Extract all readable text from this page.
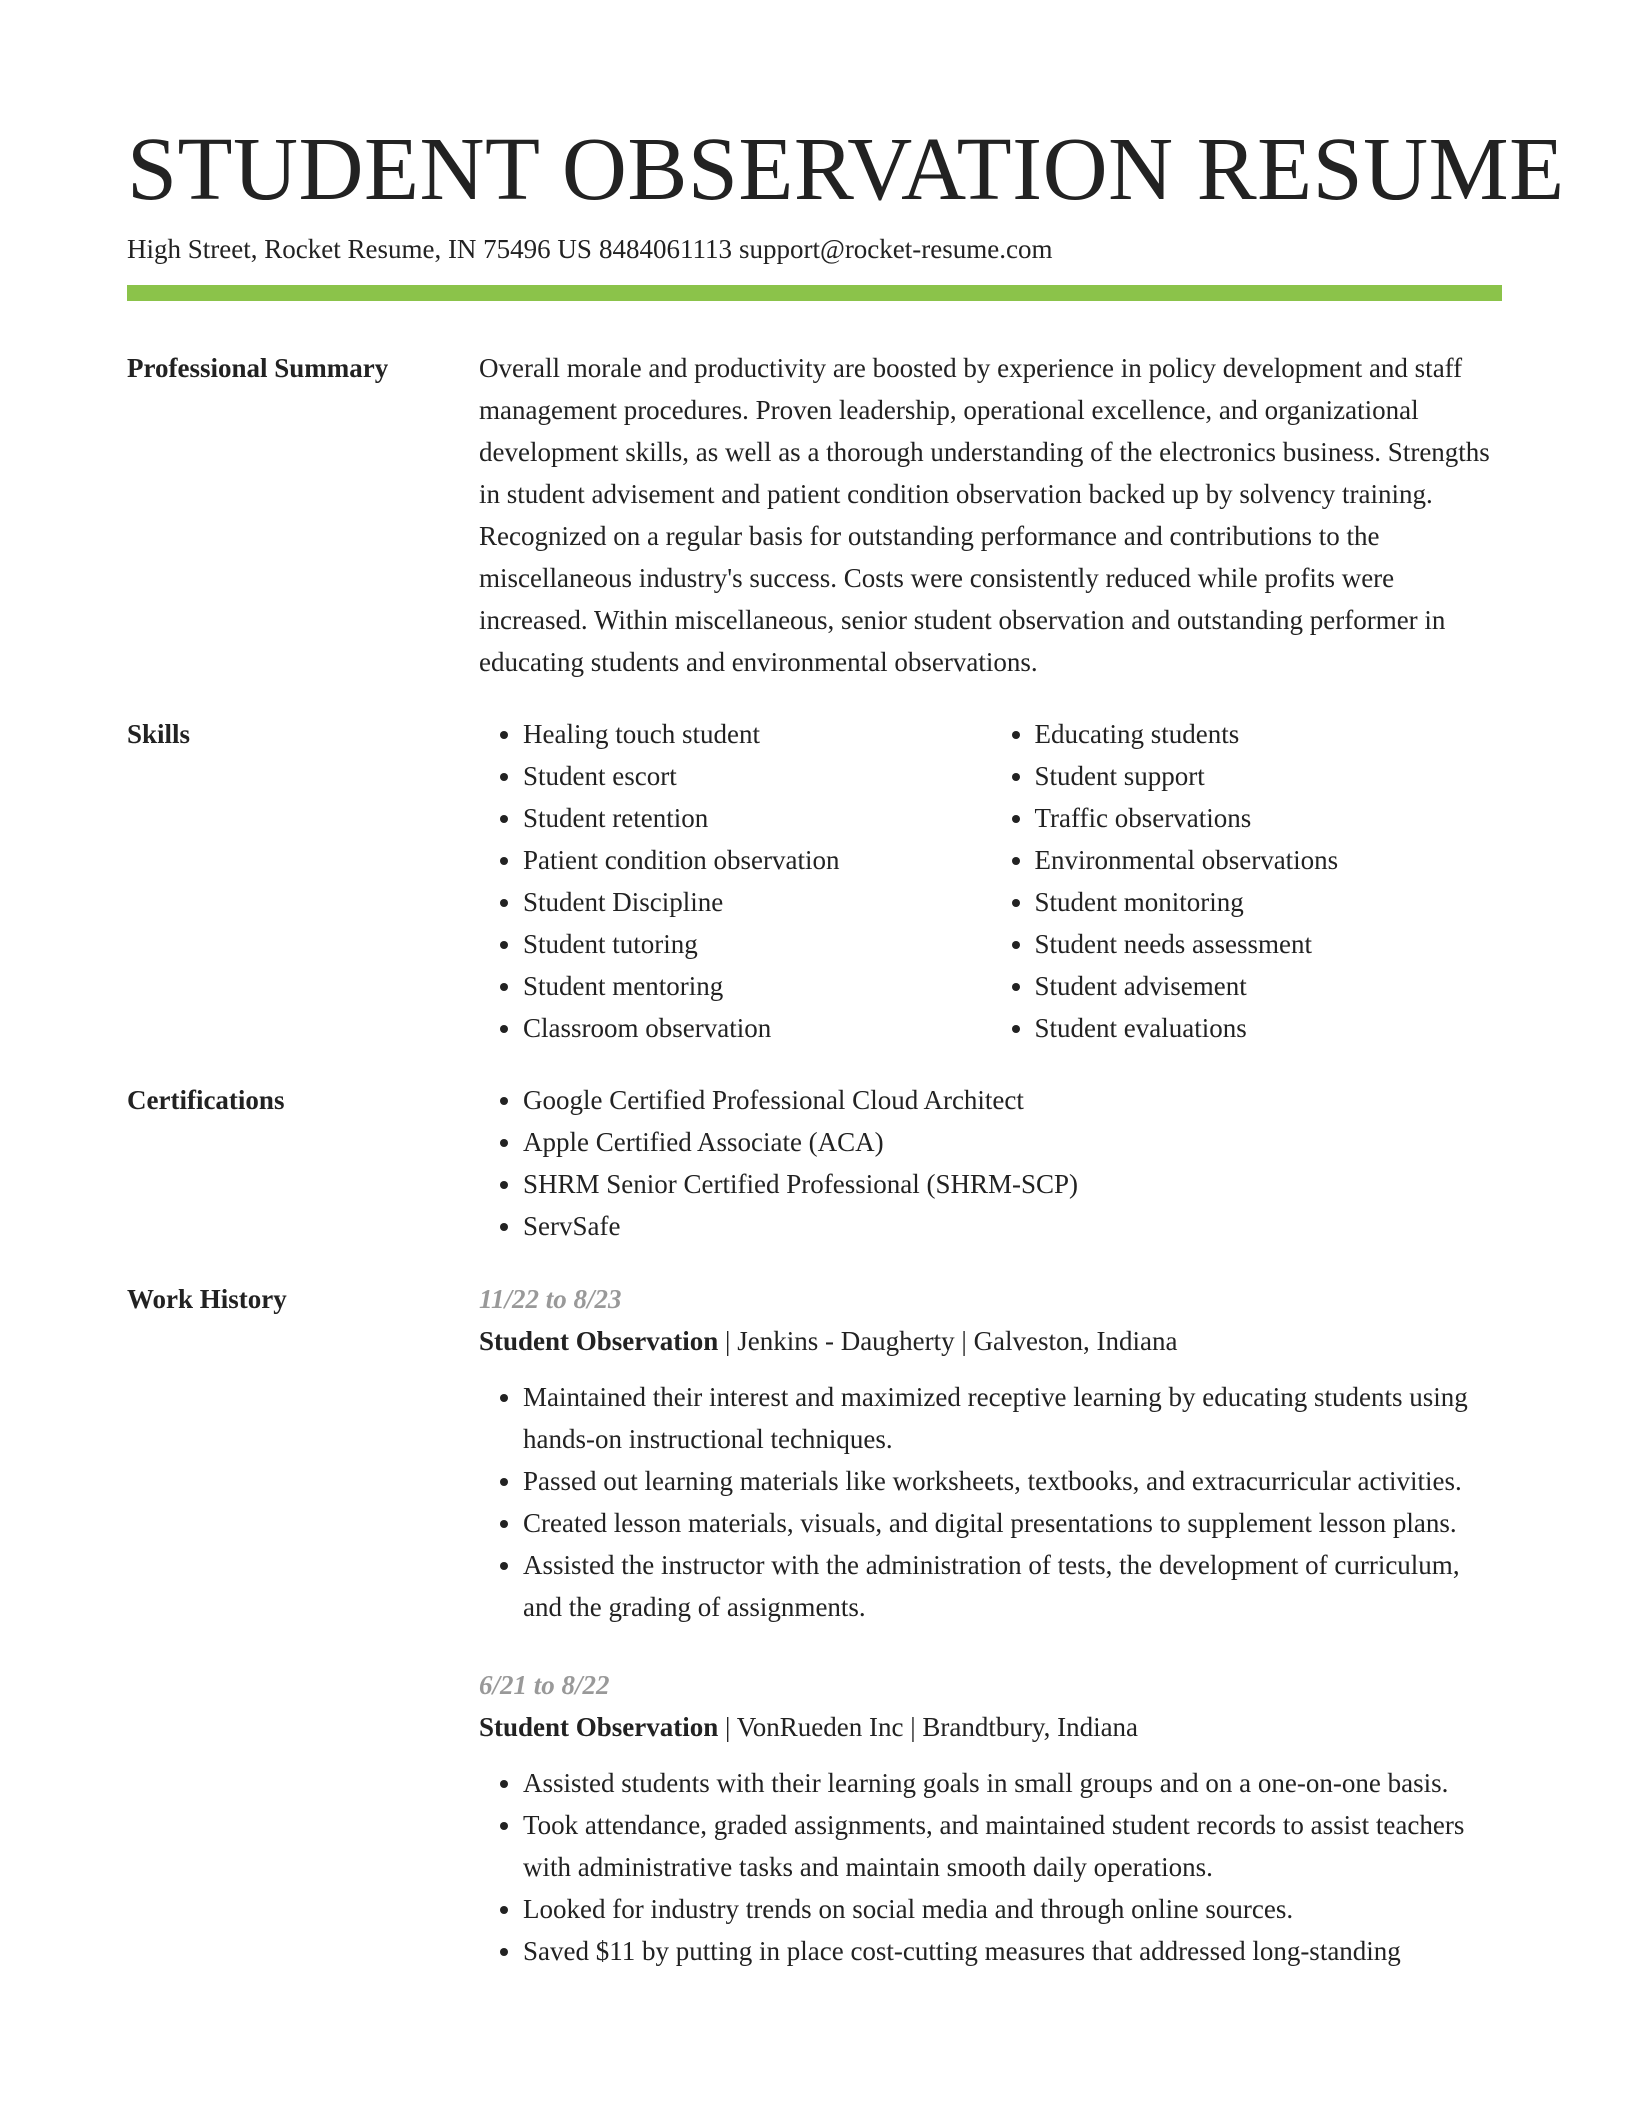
STUDENT OBSERVATION RESUME
High Street, Rocket Resume, IN 75496 US 8484061113 support@rocket-resume.com
Professional Summary	Overall morale and productivity are boosted by experience in policy development and staff management procedures. Proven leadership, operational excellence, and organizational development skills, as well as a thorough understanding of the electronics business. Strengths in student advisement and patient condition observation backed up by solvency training. Recognized on a regular basis for outstanding performance and contributions to the miscellaneous industry's success. Costs were consistently reduced while profits were increased. Within miscellaneous, senior student observation and outstanding performer in educating students and environmental observations.

Skills	• Healing touch student
• Student escort
• Student retention
• Patient condition observation
• Student Discipline
• Student tutoring
• Student mentoring
• Classroom observation
• Educating students
• Student support
• Traffic observations
• Environmental observations
• Student monitoring
• Student needs assessment
• Student advisement
• Student evaluations
Certifications	• Google Certified Professional Cloud Architect
• Apple Certified Associate (ACA)
• SHRM Senior Certified Professional (SHRM-SCP)
• ServSafe
Work History	11/22 to 8/23
Student Observation | Jenkins - Daugherty | Galveston, Indiana
• Maintained their interest and maximized receptive learning by educating students using hands-on instructional techniques.
• Passed out learning materials like worksheets, textbooks, and extracurricular activities.
• Created lesson materials, visuals, and digital presentations to supplement lesson plans.
• Assisted the instructor with the administration of tests, the development of curriculum, and the grading of assignments.
6/21 to 8/22
Student Observation | VonRueden Inc | Brandtbury, Indiana
• Assisted students with their learning goals in small groups and on a one-on-one basis.
• Took attendance, graded assignments, and maintained student records to assist teachers with administrative tasks and maintain smooth daily operations.
• Looked for industry trends on social media and through online sources.
• Saved $11 by putting in place cost-cutting measures that addressed long-standing
